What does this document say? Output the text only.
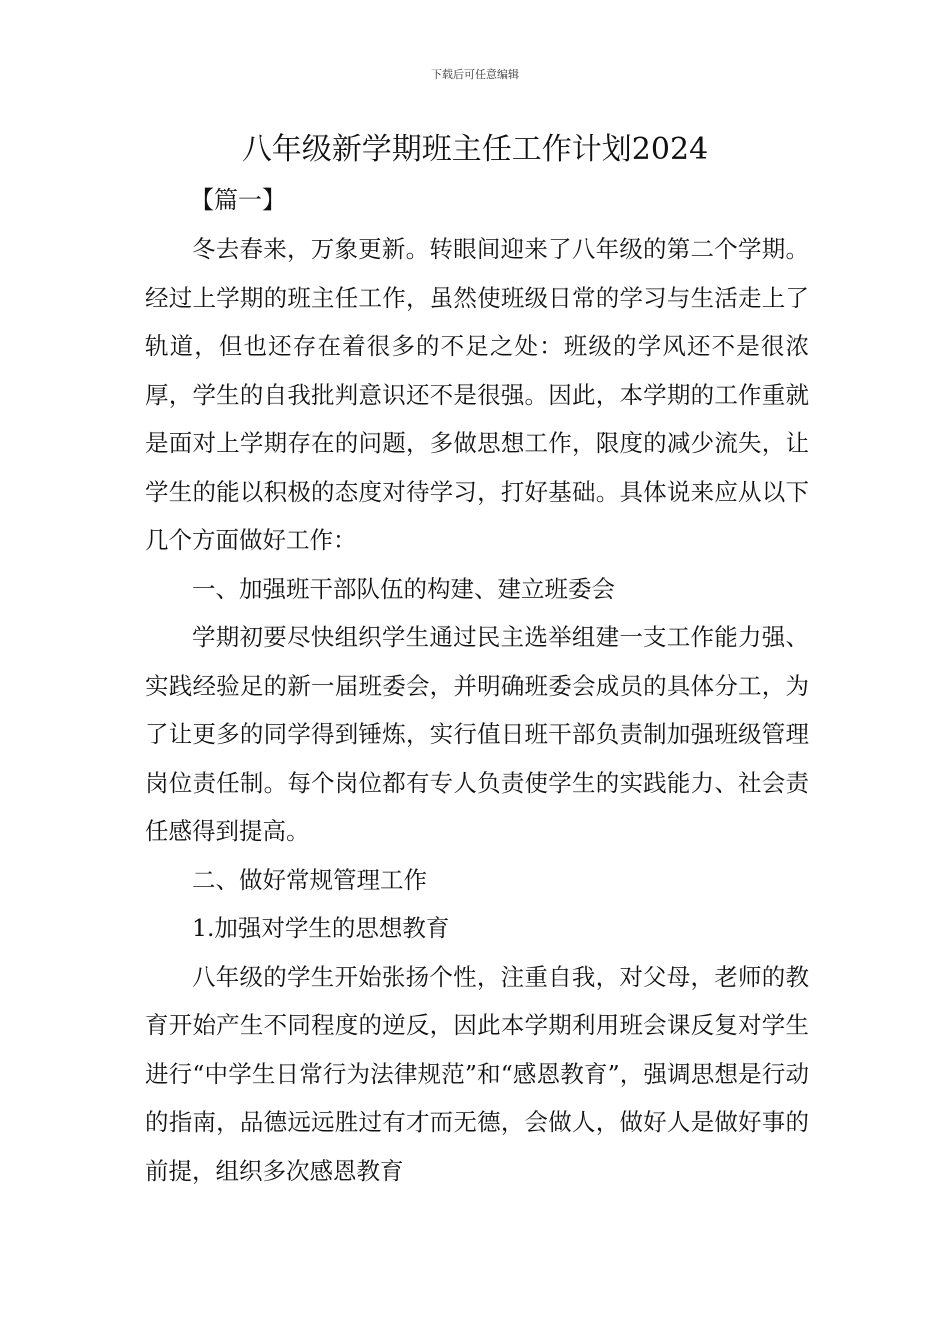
下载后可任意编辑
八年级新学期班主任工作计划2024
【篇一】

冬去春来，万象更新。转眼间迎来了八年级的第二个学期。经过上学期的班主任工作，虽然使班级日常的学习与生活走上了轨道，但也还存在着很多的不足之处：班级的学风还不是很浓厚，学生的自我批判意识还不是很强。因此，本学期的工作重就是面对上学期存在的问题，多做思想工作，限度的减少流失，让学生的能以积极的态度对待学习，打好基础。具体说来应从以下几个方面做好工作：

一、加强班干部队伍的构建、建立班委会

学期初要尽快组织学生通过民主选举组建一支工作能力强、实践经验足的新一届班委会，并明确班委会成员的具体分工，为了让更多的同学得到锤炼，实行值日班干部负责制加强班级管理岗位责任制。每个岗位都有专人负责使学生的实践能力、社会责任感得到提高。

二、做好常规管理工作

1.加强对学生的思想教育

八年级的学生开始张扬个性，注重自我，对父母，老师的教育开始产生不同程度的逆反，因此本学期利用班会课反复对学生进行“中学生日常行为法律规范”和“感恩教育”，强调思想是行动的指南，品德远远胜过有才而无德，会做人，做好人是做好事的前提，组织多次感恩教育
